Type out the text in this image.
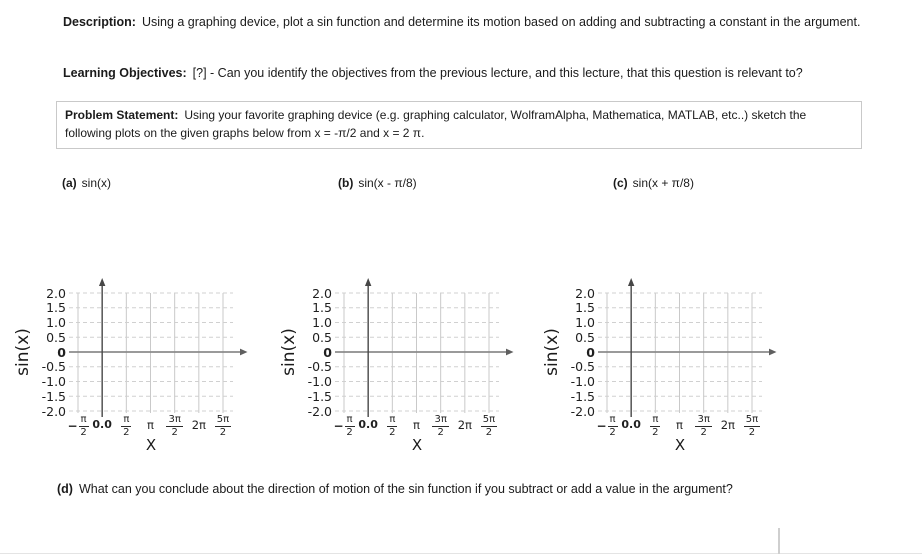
Description: Using a graphing device, plot a sin function and determine its motion based on adding and subtracting a constant in the argument.

Learning Objectives: [?] - Can you identify the objectives from the previous lecture, and this lecture, that this question is relevant to?

Problem Statement: Using your favorite graphing device (e.g. graphing calculator, WolframAlpha, Mathematica, MATLAB, etc..) sketch the following plots on the given graphs below from x = -π/2 and x = 2 π.
(a) sin(x)	(b) sin(x - π/8)	(c) sin(x + π/8)
sin(x)
2.0
1.5
1.0
0.5
0
-0.5
-1.0
-1.5
-2.0
− $\frac{\pi}{2} 0.0 \frac{\pi}{2}$	π	$\frac{3\pi}{2} 2\pi \frac{5\pi}{2}$
X
sin(x)
2.0
1.5
1.0
0.5
0
-0.5
-1.0
-1.5
-2.0
− $\frac{\pi}{2} 0.0 \frac{\pi}{2}$	π	$\frac{3\pi}{2} 2\pi \frac{5\pi}{2}$
X
sin(x)
2.0
1.5
1.0
0.5
0
-0.5
-1.0
-1.5
-2.0
− $\frac{\pi}{2} 0.0 \frac{\pi}{2}$	π	$\frac{3\pi}{2} 2\pi \frac{5\pi}{2}$
X

(d) What can you conclude about the direction of motion of the sin function if you subtract or add a value in the argument?
